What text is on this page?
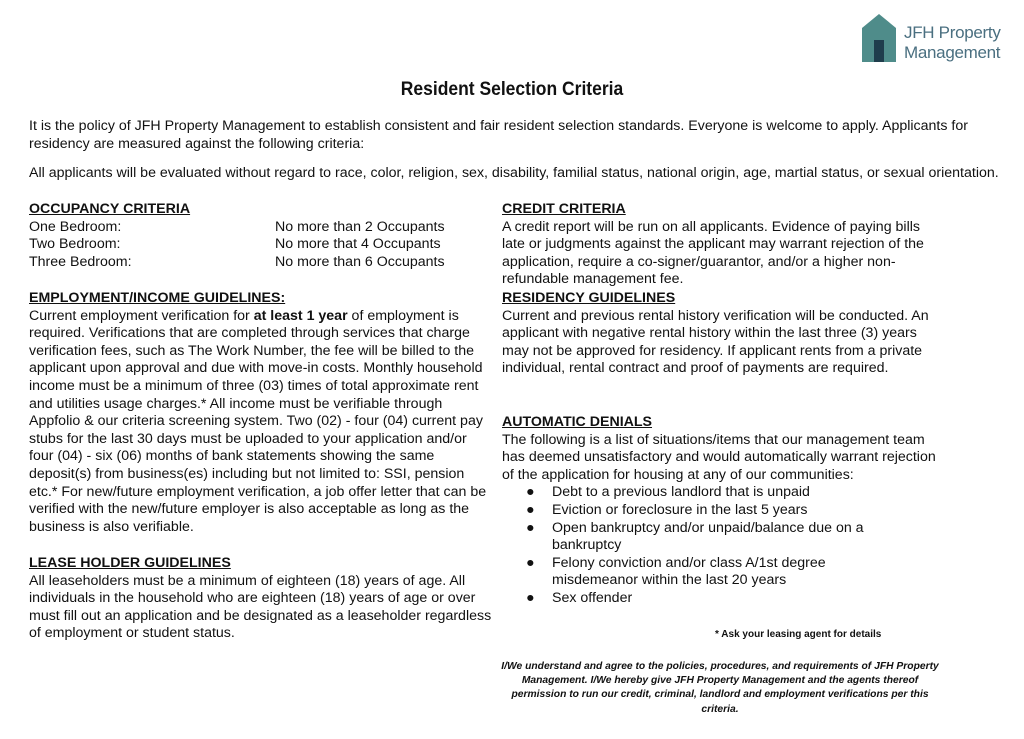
JFH Property
Management
Resident Selection Criteria

It is the policy of JFH Property Management to establish consistent and fair resident selection standards. Everyone is welcome to apply. Applicants for residency are measured against the following criteria:

All applicants will be evaluated without regard to race, color, religion, sex, disability, familial status, national origin, age, martial status, or sexual orientation.

OCCUPANCY CRITERIA
One Bedroom:	No more than 2 Occupants
Two Bedroom:	No more that 4 Occupants
Three Bedroom:	No more than 6 Occupants
EMPLOYMENT/INCOME GUIDELINES:

Current employment verification for at least 1 year of employment is required. Verifications that are completed through services that charge verification fees, such as The Work Number, the fee will be billed to the applicant upon approval and due with move-in costs. Monthly household income must be a minimum of three (03) times of total approximate rent and utilities usage charges.* All income must be verifiable through Appfolio & our criteria screening system. Two (02) - four (04) current pay stubs for the last 30 days must be uploaded to your application and/or four (04) - six (06) months of bank statements showing the same deposit(s) from business(es) including but not limited to: SSI, pension etc.* For new/future employment verification, a job offer letter that can be verified with the new/future employer is also acceptable as long as the business is also verifiable.

LEASE HOLDER GUIDELINES

All leaseholders must be a minimum of eighteen (18) years of age. All individuals in the household who are eighteen (18) years of age or over must fill out an application and be designated as a leaseholder regardless of employment or student status.

CREDIT CRITERIA

A credit report will be run on all applicants. Evidence of paying bills late or judgments against the applicant may warrant rejection of the application, require a co-signer/guarantor, and/or a higher non-refundable management fee.

RESIDENCY GUIDELINES

Current and previous rental history verification will be conducted. An applicant with negative rental history within the last three (3) years may not be approved for residency. If applicant rents from a private individual, rental contract and proof of payments are required.

AUTOMATIC DENIALS

The following is a list of situations/items that our management team has deemed unsatisfactory and would automatically warrant rejection of the application for housing at any of our communities:

● Debt to a previous landlord that is unpaid
● Eviction or foreclosure in the last 5 years
● Open bankruptcy and/or unpaid/balance due on a bankruptcy
● Felony conviction and/or class A/1st degree misdemeanor within the last 20 years
● Sex offender
* Ask your leasing agent for details

I/We understand and agree to the policies, procedures, and requirements of JFH Property Management. I/We hereby give JFH Property Management and the agents thereof permission to run our credit, criminal, landlord and employment verifications per this criteria.
